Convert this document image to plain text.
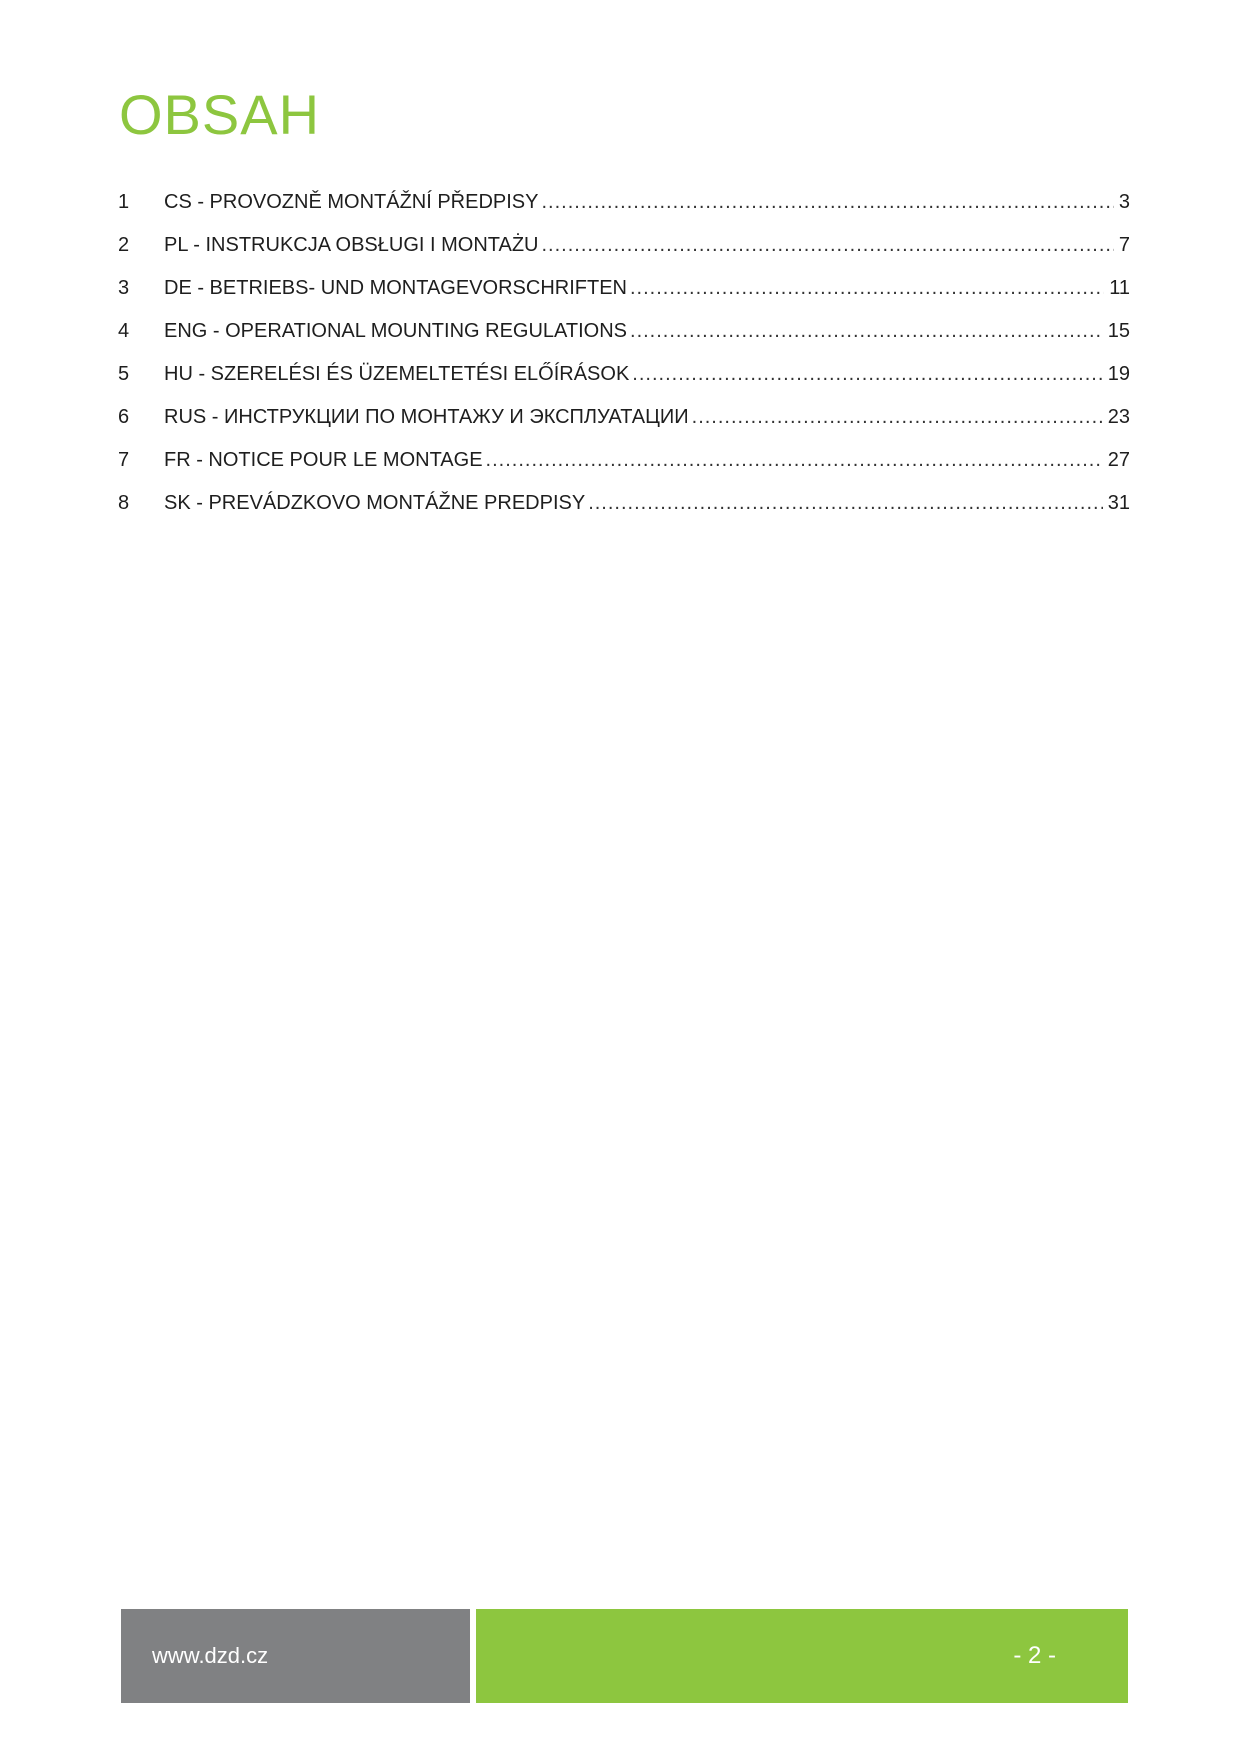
OBSAH
1	CS - PROVOZNĚ MONTÁŽNÍ PŘEDPISY .....	3
2	PL - INSTRUKCJA OBSŁUGI I MONTAŻU .....	7
3	DE - BETRIEBS- UND MONTAGEVORSCHRIFTEN .....	11
4	ENG - OPERATIONAL MOUNTING REGULATIONS .....	15
5	HU - SZERELÉSI ÉS ÜZEMELTETÉSI ELŐÍRÁSOK .....	19
6	RUS - ИНСТРУКЦИИ ПО МОНТАЖУ И ЭКСПЛУАТАЦИИ .....	23
7	FR - NOTICE POUR LE MONTAGE .....	27
8	SK - PREVÁDZKOVO MONTÁŽNE PREDPISY .....	31
www.dzd.cz	- 2 -
